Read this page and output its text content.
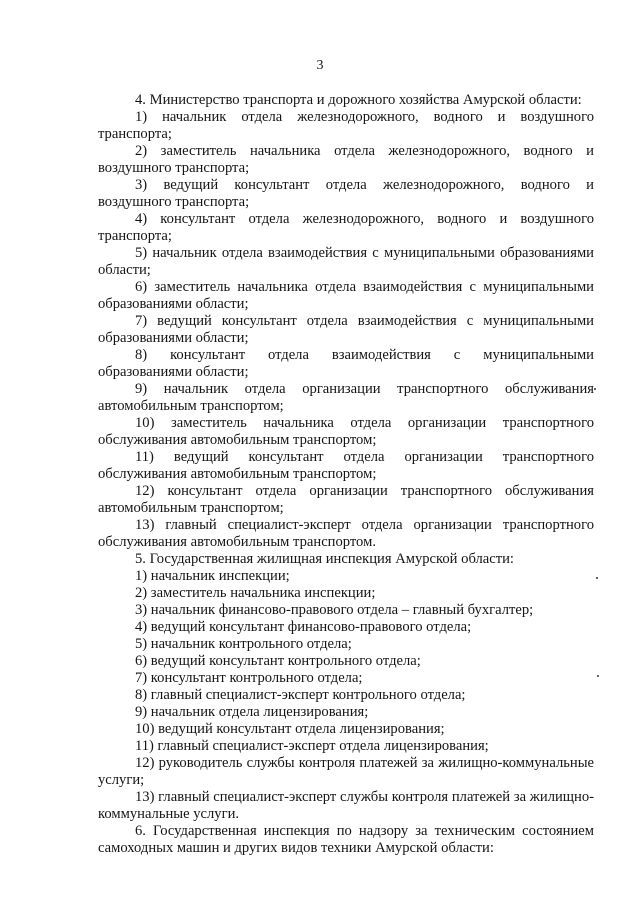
3

4. Министерство транспорта и дорожного хозяйства Амурской области:

1) начальник отдела железнодорожного, водного и воздушного транспорта;

2) заместитель начальника отдела железнодорожного, водного и воздушного транспорта;

3) ведущий консультант отдела железнодорожного, водного и воздушного транспорта;

4) консультант отдела железнодорожного, водного и воздушного транспорта;

5) начальник отдела взаимодействия с муниципальными образованиями области;

6) заместитель начальника отдела взаимодействия с муниципальными образованиями области;

7) ведущий консультант отдела взаимодействия с муниципальными образованиями области;

8) консультант отдела взаимодействия с муниципальными образованиями области;

9) начальник отдела организации транспортного обслуживания автомобильным транспортом;

10) заместитель начальника отдела организации транспортного обслуживания автомобильным транспортом;

11) ведущий консультант отдела организации транспортного обслуживания автомобильным транспортом;

12) консультант отдела организации транспортного обслуживания автомобильным транспортом;

13) главный специалист-эксперт отдела организации транспортного обслуживания автомобильным транспортом.

5. Государственная жилищная инспекция Амурской области:

1) начальник инспекции;

2) заместитель начальника инспекции;

3) начальник финансово-правового отдела – главный бухгалтер;

4) ведущий консультант финансово-правового отдела;

5) начальник контрольного отдела;

6) ведущий консультант контрольного отдела;

7) консультант контрольного отдела;

8) главный специалист-эксперт контрольного отдела;

9) начальник отдела лицензирования;

10) ведущий консультант отдела лицензирования;

11) главный специалист-эксперт отдела лицензирования;

12) руководитель службы контроля платежей за жилищно-коммунальные услуги;

13) главный специалист-эксперт службы контроля платежей за жилищно-коммунальные услуги.

6. Государственная инспекция по надзору за техническим состоянием самоходных машин и других видов техники Амурской области:
